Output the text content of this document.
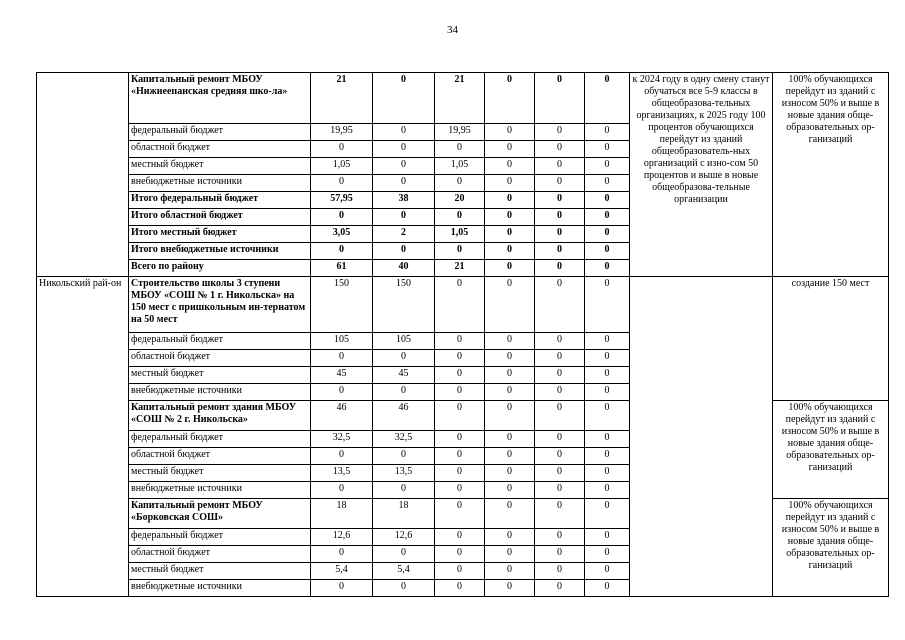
34
	Капитальный ремонт МБОУ «Нижнеепанская средняя шко-ла»	21	0	21	0	0	0	к 2024 году в одну смену станут обучаться все 5-9 классы в общеобразова-тельных организациях, к 2025 году 100 процентов обучающихся перейдут из зданий общеобразователь-ных организаций с изно-сом 50 процентов и выше в новые общеобразова-тельные организации	100% обучающихся перейдут из зданий с износом 50% и выше в новые здания обще-образовательных ор-ганизаций
	федеральный бюджет	19,95	0	19,95	0	0	0		
	областной бюджет	0	0	0	0	0	0		
	местный бюджет	1,05	0	1,05	0	0	0		
	внебюджетные источники	0	0	0	0	0	0		
	Итого федеральный бюджет	57,95	38	20	0	0	0		
	Итого областной бюджет	0	0	0	0	0	0		
	Итого местный бюджет	3,05	2	1,05	0	0	0		
	Итого внебюджетные источники	0	0	0	0	0	0		
	Всего по району	61	40	21	0	0	0		
Никольский рай-он	Строительство школы 3 ступени МБОУ «СОШ № 1 г. Никольска» на 150 мест с пришкольным ин-тернатом на 50 мест	150	150	0	0	0	0		создание 150 мест
	федеральный бюджет	105	105	0	0	0	0		
	областной бюджет	0	0	0	0	0	0		
	местный бюджет	45	45	0	0	0	0		
	внебюджетные источники	0	0	0	0	0	0		
	Капитальный ремонт здания МБОУ «СОШ № 2 г. Никольска»	46	46	0	0	0	0		100% обучающихся перейдут из зданий с износом 50% и выше в новые здания обще-образовательных ор-ганизаций
	федеральный бюджет	32,5	32,5	0	0	0	0		
	областной бюджет	0	0	0	0	0	0		
	местный бюджет	13,5	13,5	0	0	0	0		
	внебюджетные источники	0	0	0	0	0	0		
	Капитальный ремонт МБОУ «Борковская СОШ»	18	18	0	0	0	0		100% обучающихся перейдут из зданий с износом 50% и выше в новые здания обще-образовательных ор-ганизаций
	федеральный бюджет	12,6	12,6	0	0	0	0		
	областной бюджет	0	0	0	0	0	0		
	местный бюджет	5,4	5,4	0	0	0	0		
	внебюджетные источники	0	0	0	0	0	0		
